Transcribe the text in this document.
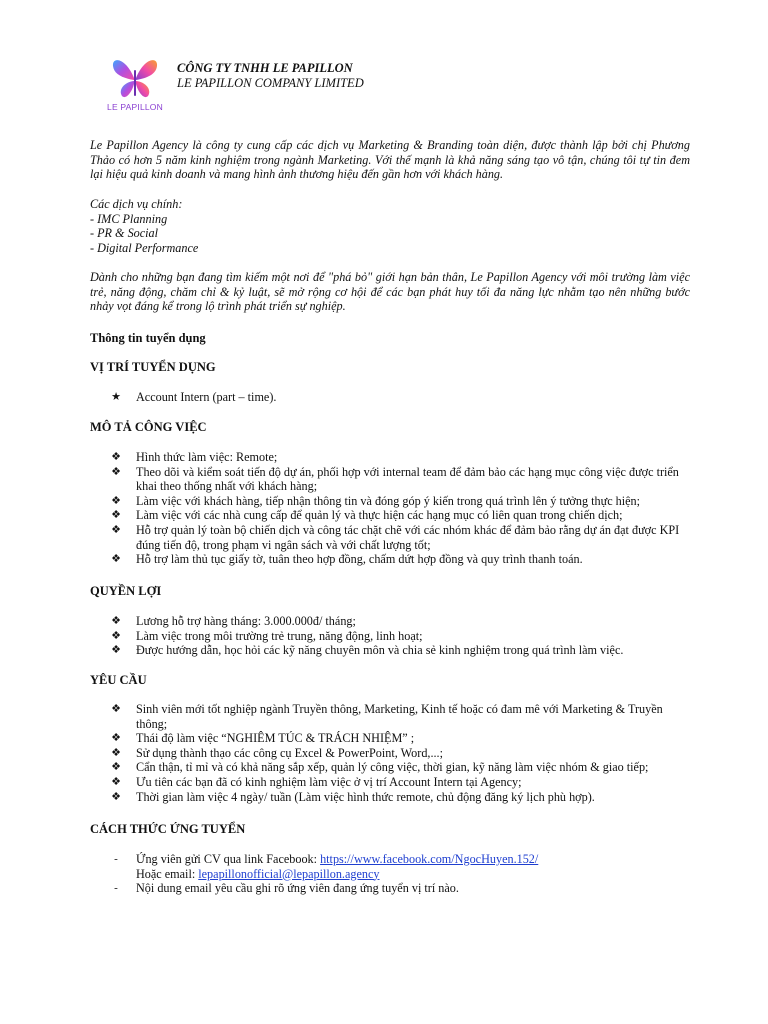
LE PAPILLON
CÔNG TY TNHH LE PAPILLON
LE PAPILLON COMPANY LIMITED
Le Papillon Agency là công ty cung cấp các dịch vụ Marketing & Branding toàn diện, được thành lập bởi chị Phương Thảo có hơn 5 năm kinh nghiệm trong ngành Marketing. Với thế mạnh là khả năng sáng tạo vô tận, chúng tôi tự tin đem lại hiệu quả kinh doanh và mang hình ảnh thương hiệu đến gần hơn với khách hàng.
Các dịch vụ chính:
- IMC Planning
- PR & Social
- Digital Performance
Dành cho những bạn đang tìm kiếm một nơi để "phá bỏ" giới hạn bản thân, Le Papillon Agency với môi trường làm việc trẻ, năng động, chăm chỉ & kỷ luật, sẽ mở rộng cơ hội để các bạn phát huy tối đa năng lực nhằm tạo nên những bước nhảy vọt đáng kể trong lộ trình phát triển sự nghiệp.
Thông tin tuyển dụng
VỊ TRÍ TUYỂN DỤNG
★ Account Intern (part – time).
MÔ TẢ CÔNG VIỆC
❖ Hình thức làm việc: Remote;
❖ Theo dõi và kiểm soát tiến độ dự án, phối hợp với internal team để đảm bảo các hạng mục công việc được triển khai theo thống nhất với khách hàng;
❖ Làm việc với khách hàng, tiếp nhận thông tin và đóng góp ý kiến trong quá trình lên ý tưởng thực hiện;
❖ Làm việc với các nhà cung cấp để quản lý và thực hiện các hạng mục có liên quan trong chiến dịch;
❖ Hỗ trợ quản lý toàn bộ chiến dịch và công tác chặt chẽ với các nhóm khác để đảm bảo rằng dự án đạt được KPI đúng tiến độ, trong phạm vi ngân sách và với chất lượng tốt;
❖ Hỗ trợ làm thủ tục giấy tờ, tuân theo hợp đồng, chấm dứt hợp đồng và quy trình thanh toán.
QUYỀN LỢI
❖ Lương hỗ trợ hàng tháng: 3.000.000đ/ tháng;
❖ Làm việc trong môi trường trẻ trung, năng động, linh hoạt;
❖ Được hướng dẫn, học hỏi các kỹ năng chuyên môn và chia sẻ kinh nghiệm trong quá trình làm việc.
YÊU CẦU
❖ Sinh viên mới tốt nghiệp ngành Truyền thông, Marketing, Kinh tế hoặc có đam mê với Marketing & Truyền thông;
❖ Thái độ làm việc “NGHIÊM TÚC & TRÁCH NHIỆM” ;
❖ Sử dụng thành thạo các công cụ Excel & PowerPoint, Word,...;
❖ Cẩn thận, tỉ mỉ và có khả năng sắp xếp, quản lý công việc, thời gian, kỹ năng làm việc nhóm & giao tiếp;
❖ Ưu tiên các bạn đã có kinh nghiệm làm việc ở vị trí Account Intern tại Agency;
❖ Thời gian làm việc 4 ngày/ tuần (Làm việc hình thức remote, chủ động đăng ký lịch phù hợp).
CÁCH THỨC ỨNG TUYỂN
-	Ứng viên gửi CV qua link Facebook: https://www.facebook.com/NgocHuyen.152/
Hoặc email: lepapillonofficial@lepapillon.agency
-	Nội dung email yêu cầu ghi rõ ứng viên đang ứng tuyển vị trí nào.
